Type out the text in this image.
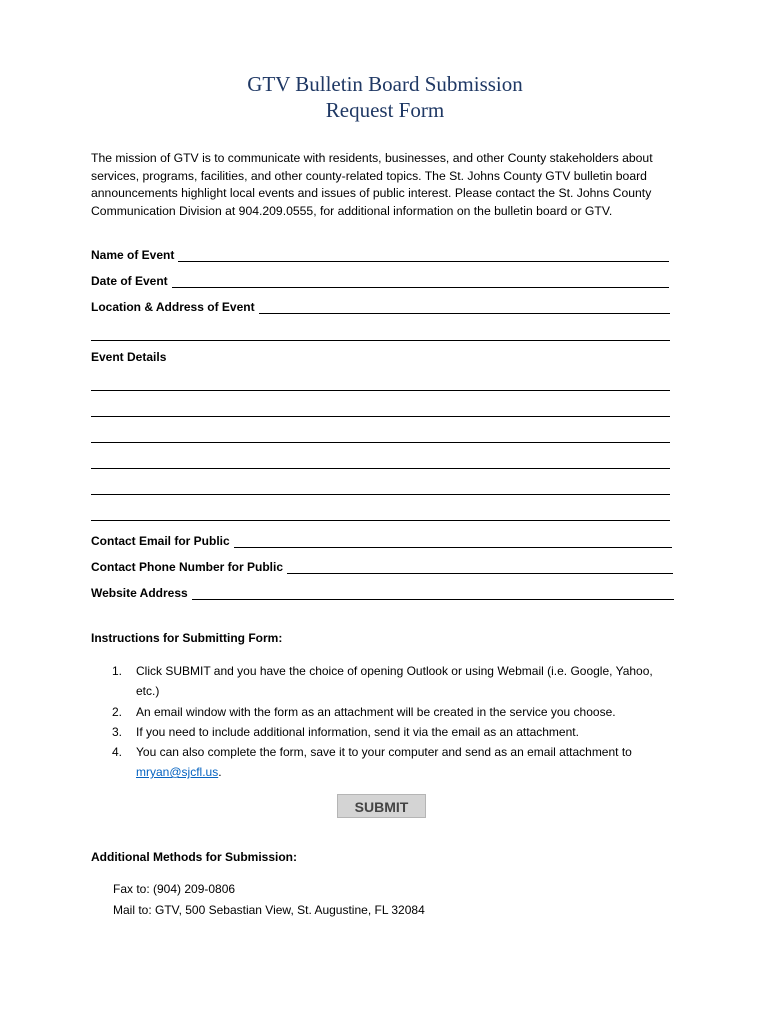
GTV Bulletin Board Submission
Request Form
The mission of GTV is to communicate with residents, businesses, and other County stakeholders about services, programs, facilities, and other county-related topics. The St. Johns County GTV bulletin board announcements highlight local events and issues of public interest. Please contact the St. Johns County Communication Division at 904.209.0555, for additional information on the bulletin board or GTV.
Name of Event
Date of Event
Location & Address of Event
Event Details
Contact Email for Public
Contact Phone Number for Public
Website Address
Instructions for Submitting Form:
1.	Click SUBMIT and you have the choice of opening Outlook or using Webmail (i.e. Google, Yahoo, etc.)
2.	An email window with the form as an attachment will be created in the service you choose.
3.	If you need to include additional information, send it via the email as an attachment.
4.	You can also complete the form, save it to your computer and send as an email attachment to mryan@sjcfl.us.
SUBMIT
Additional Methods for Submission:
Fax to: (904) 209-0806
Mail to: GTV, 500 Sebastian View, St. Augustine, FL 32084
